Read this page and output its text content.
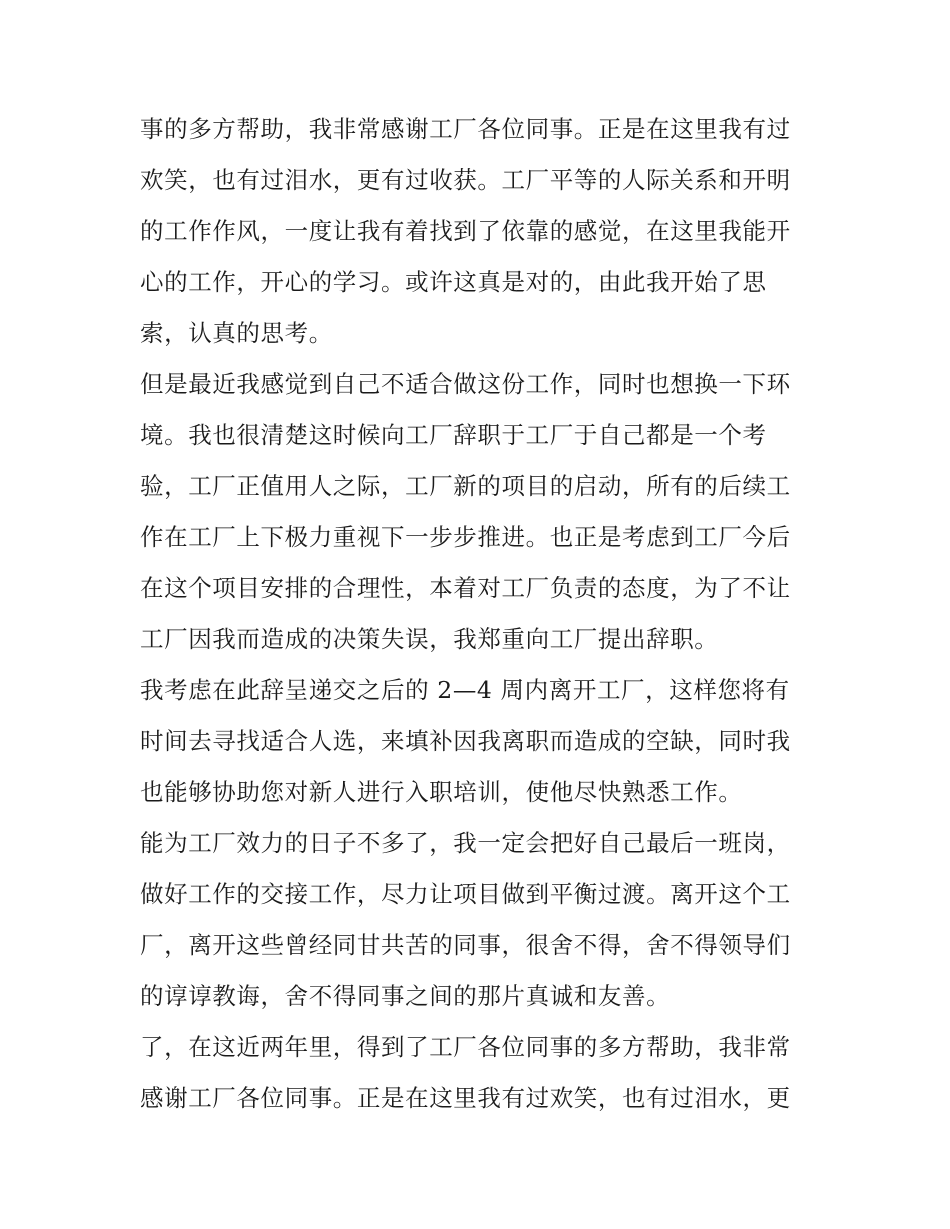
事的多方帮助，我非常感谢工厂各位同事。正是在这里我有过
欢笑，也有过泪水，更有过收获。工厂平等的人际关系和开明
的工作作风，一度让我有着找到了依靠的感觉，在这里我能开
心的工作，开心的学习。或许这真是对的，由此我开始了思
索，认真的思考。
但是最近我感觉到自己不适合做这份工作，同时也想换一下环
境。我也很清楚这时候向工厂辞职于工厂于自己都是一个考
验，工厂正值用人之际，工厂新的项目的启动，所有的后续工
作在工厂上下极力重视下一步步推进。也正是考虑到工厂今后
在这个项目安排的合理性，本着对工厂负责的态度，为了不让
工厂因我而造成的决策失误，我郑重向工厂提出辞职。
我考虑在此辞呈递交之后的 2—4 周内离开工厂，这样您将有
时间去寻找适合人选，来填补因我离职而造成的空缺，同时我
也能够协助您对新人进行入职培训，使他尽快熟悉工作。
能为工厂效力的日子不多了，我一定会把好自己最后一班岗，
做好工作的交接工作，尽力让项目做到平衡过渡。离开这个工
厂，离开这些曾经同甘共苦的同事，很舍不得，舍不得领导们
的谆谆教诲，舍不得同事之间的那片真诚和友善。
了，在这近两年里，得到了工厂各位同事的多方帮助，我非常
感谢工厂各位同事。正是在这里我有过欢笑，也有过泪水，更
